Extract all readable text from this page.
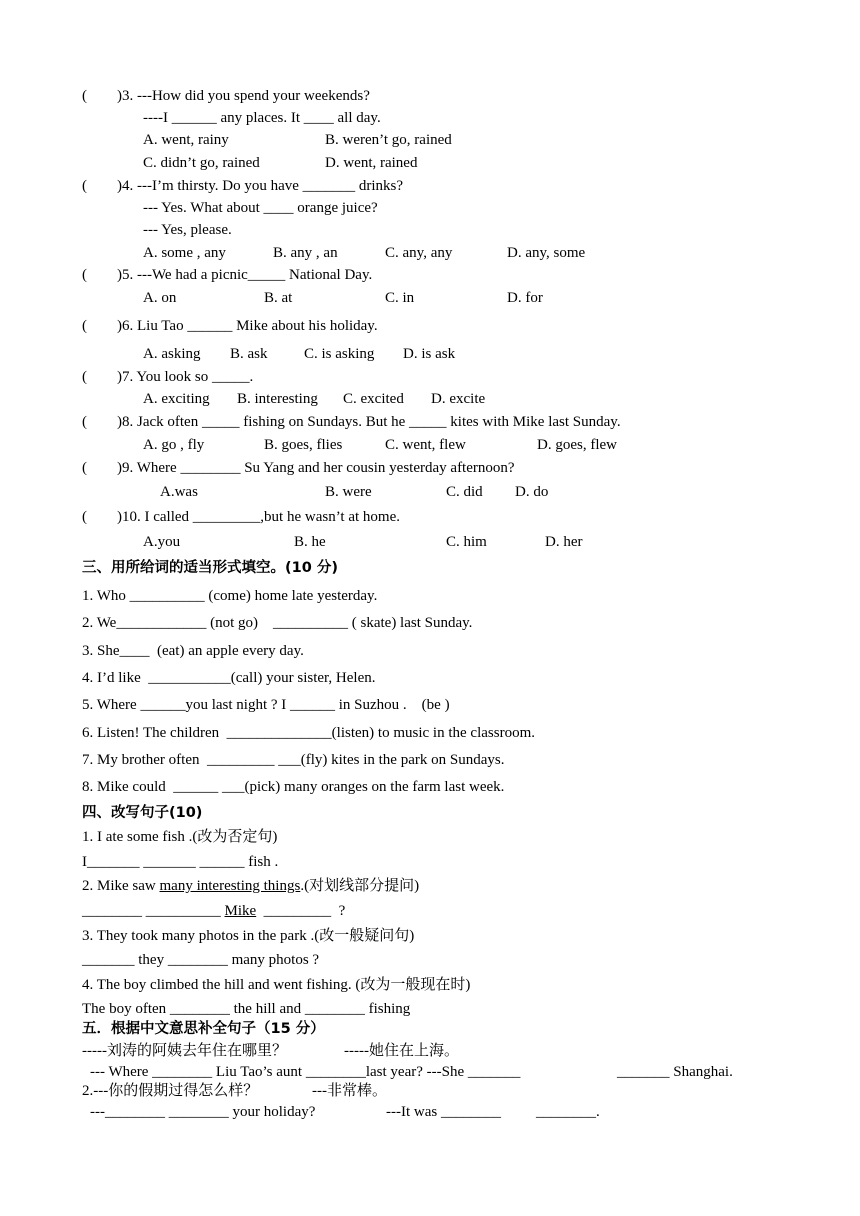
(        )3. ---How did you spend your weekends?
----I ______ any places. It ____ all day.
A. went, rainy	B. weren’t go, rained
C. didn’t go, rained	D. went, rained
(        )4. ---I’m thirsty. Do you have _______ drinks?
--- Yes. What about ____ orange juice?
--- Yes, please.
A. some , any	B. any , an	C. any, any	D. any, some
(        )5. ---We had a picnic_____ National Day.
A. on	B. at	C. in	D. for
(        )6. Liu Tao ______ Mike about his holiday.
A. asking B. ask C. is asking D. is ask
(        )7. You look so _____.
A. exciting B. interesting C. excited D. excite
(        )8. Jack often _____ fishing on Sundays. But he _____ kites with Mike last Sunday.
A. go , fly	B. goes, flies	C. went, flew	D. goes, flew
(        )9. Where ________ Su Yang and her cousin yesterday afternoon?
A.was	B. were	C. did D. do
(        )10. I called _________,but he wasn’t at home.
A.you	B. he	C. him	D. her
三、用所给词的适当形式填空。(10 分)
1. Who __________ (come) home late yesterday.
2. We____________ (not go)    __________ ( skate) last Sunday.
3. She____  (eat) an apple every day.
4. I’d like  ___________(call) your sister, Helen.
5. Where ______you last night ? I ______ in Suzhou .    (be )
6. Listen! The children  ______________(listen) to music in the classroom.
7. My brother often  _________ ___(fly) kites in the park on Sundays.
8. Mike could  ______ ___(pick) many oranges on the farm last week.
四、改写句子(10)
1. I ate some fish .(改为否定句)
I_______ _______ ______ fish .
2. Mike saw many interesting things.(对划线部分提问)
________ __________ Mike  _________  ?
3. They took many photos in the park .(改一般疑问句)
_______ they ________ many photos ?
4. The boy climbed the hill and went fishing. (改为一般现在时)
The boy often ________ the hill and ________ fishing
五．根据中文意思补全句子（15 分）
-----刘涛的阿姨去年住在哪里？	-----她住在上海。
--- Where ________ Liu Tao’s aunt ________last year? ---She _______	_______ Shanghai.
2.---你的假期过得怎么样？	---非常棒。
---________ ________ your holiday?	---It was ________ ________.
